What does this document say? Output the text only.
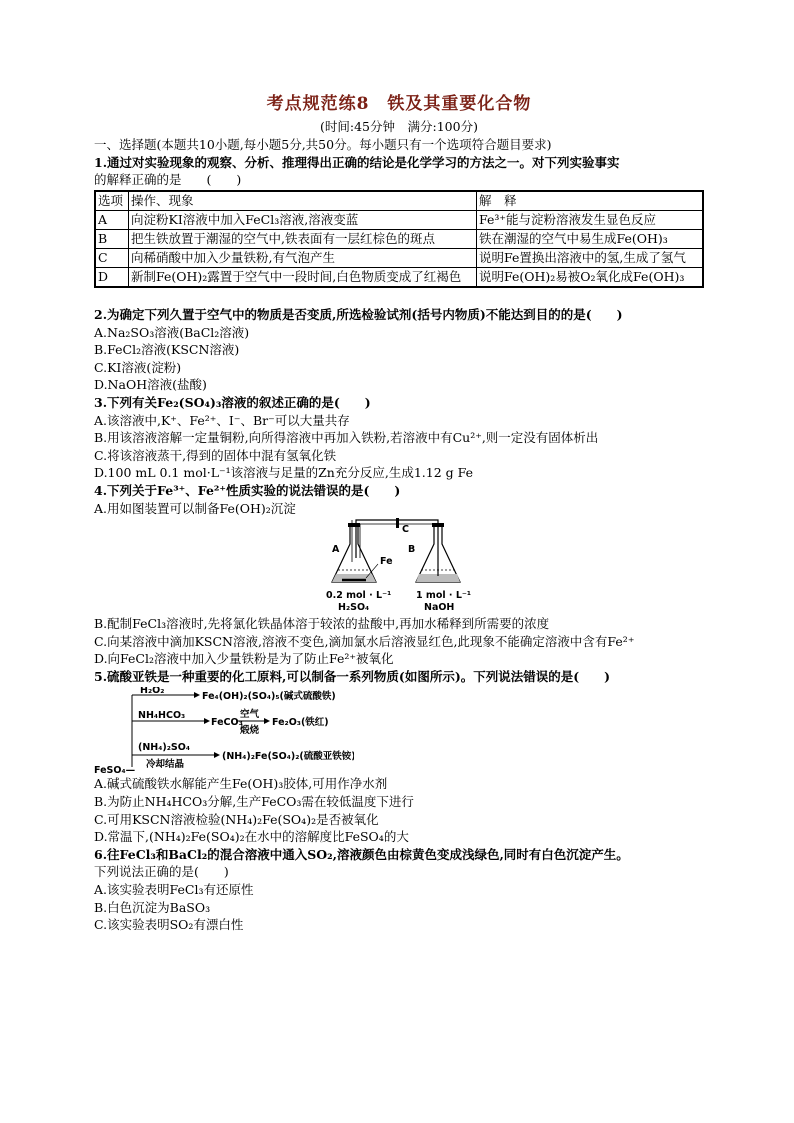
考点规范练8　铁及其重要化合物
(时间:45分钟　满分:100分)
一、选择题(本题共10小题,每小题5分,共50分。每小题只有一个选项符合题目要求)
1.通过对实验现象的观察、分析、推理得出正确的结论是化学学习的方法之一。对下列实验事实
的解释正确的是　　(　　)
选项	操作、现象	解　释
A	向淀粉KI溶液中加入FeCl₃溶液,溶液变蓝	Fe³⁺能与淀粉溶液发生显色反应
B	把生铁放置于潮湿的空气中,铁表面有一层红棕色的斑点	铁在潮湿的空气中易生成Fe(OH)₃
C	向稀硝酸中加入少量铁粉,有气泡产生	说明Fe置换出溶液中的氢,生成了氢气
D	新制Fe(OH)₂露置于空气中一段时间,白色物质变成了红褐色	说明Fe(OH)₂易被O₂氧化成Fe(OH)₃
2.为确定下列久置于空气中的物质是否变质,所选检验试剂(括号内物质)不能达到目的的是(　　)
A.Na₂SO₃溶液(BaCl₂溶液)
B.FeCl₂溶液(KSCN溶液)
C.KI溶液(淀粉)
D.NaOH溶液(盐酸)
3.下列有关Fe₂(SO₄)₃溶液的叙述正确的是(　　)
A.该溶液中,K⁺、Fe²⁺、I⁻、Br⁻可以大量共存
B.用该溶液溶解一定量铜粉,向所得溶液中再加入铁粉,若溶液中有Cu²⁺,则一定没有固体析出
C.将该溶液蒸干,得到的固体中混有氢氧化铁
D.100 mL 0.1 mol·L⁻¹该溶液与足量的Zn充分反应,生成1.12 g Fe
4.下列关于Fe³⁺、Fe²⁺性质实验的说法错误的是(　　)
A.用如图装置可以制备Fe(OH)₂沉淀
A	B
C
Fe
0.2 mol · L⁻¹
H₂SO₄
1 mol · L⁻¹
NaOH
B.配制FeCl₃溶液时,先将氯化铁晶体溶于较浓的盐酸中,再加水稀释到所需要的浓度
C.向某溶液中滴加KSCN溶液,溶液不变色,滴加氯水后溶液显红色,此现象不能确定溶液中含有Fe²⁺
D.向FeCl₂溶液中加入少量铁粉是为了防止Fe²⁺被氧化
5.硫酸亚铁是一种重要的化工原料,可以制备一系列物质(如图所示)。下列说法错误的是(　　)
H₂O₂
Fe₄(OH)₂(SO₄)₅(碱式硫酸铁)
NH₄HCO₃
FeCO₃
空气
煅烧
Fe₂O₃(铁红)
(NH₄)₂SO₄
冷却结晶
(NH₄)₂Fe(SO₄)₂(硫酸亚铁铵)
FeSO₄—
A.碱式硫酸铁水解能产生Fe(OH)₃胶体,可用作净水剂
B.为防止NH₄HCO₃分解,生产FeCO₃需在较低温度下进行
C.可用KSCN溶液检验(NH₄)₂Fe(SO₄)₂是否被氧化
D.常温下,(NH₄)₂Fe(SO₄)₂在水中的溶解度比FeSO₄的大
6.往FeCl₃和BaCl₂的混合溶液中通入SO₂,溶液颜色由棕黄色变成浅绿色,同时有白色沉淀产生。
下列说法正确的是(　　)
A.该实验表明FeCl₃有还原性
B.白色沉淀为BaSO₃
C.该实验表明SO₂有漂白性
